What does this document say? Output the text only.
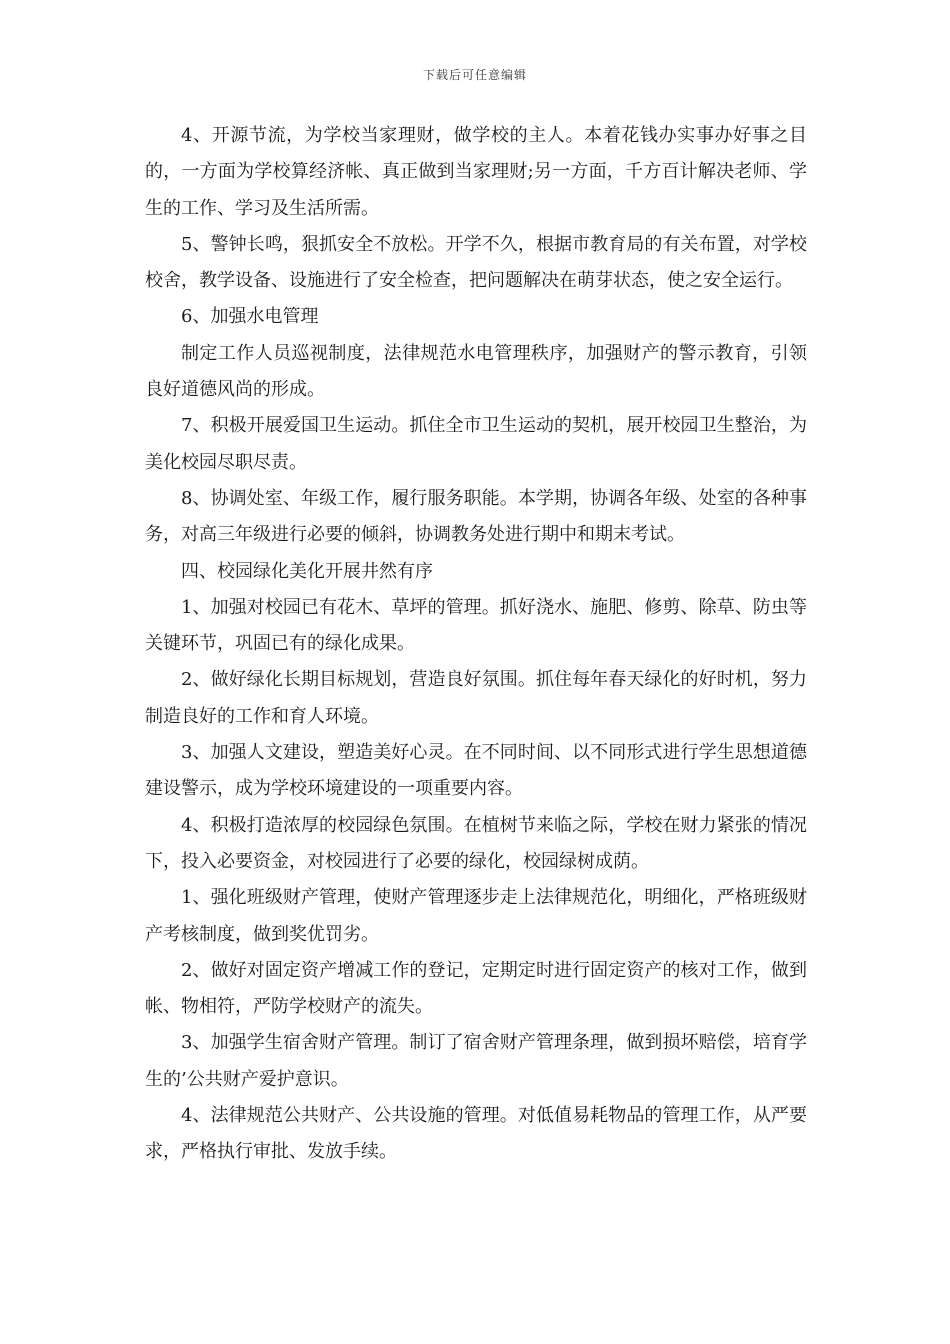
下载后可任意编辑

4、开源节流，为学校当家理财，做学校的主人。本着花钱办实事办好事之目的，一方面为学校算经济帐、真正做到当家理财;另一方面，千方百计解决老师、学生的工作、学习及生活所需。

5、警钟长鸣，狠抓安全不放松。开学不久，根据市教育局的有关布置，对学校校舍，教学设备、设施进行了安全检查，把问题解决在萌芽状态，使之安全运行。

6、加强水电管理

制定工作人员巡视制度，法律规范水电管理秩序，加强财产的警示教育，引领良好道德风尚的形成。

7、积极开展爱国卫生运动。抓住全市卫生运动的契机，展开校园卫生整治，为美化校园尽职尽责。

8、协调处室、年级工作，履行服务职能。本学期，协调各年级、处室的各种事务，对高三年级进行必要的倾斜，协调教务处进行期中和期末考试。

四、校园绿化美化开展井然有序

1、加强对校园已有花木、草坪的管理。抓好浇水、施肥、修剪、除草、防虫等关键环节，巩固已有的绿化成果。

2、做好绿化长期目标规划，营造良好氛围。抓住每年春天绿化的好时机，努力制造良好的工作和育人环境。

3、加强人文建设，塑造美好心灵。在不同时间、以不同形式进行学生思想道德建设警示，成为学校环境建设的一项重要内容。

4、积极打造浓厚的校园绿色氛围。在植树节来临之际，学校在财力紧张的情况下，投入必要资金，对校园进行了必要的绿化，校园绿树成荫。

1、强化班级财产管理，使财产管理逐步走上法律规范化，明细化，严格班级财产考核制度，做到奖优罚劣。

2、做好对固定资产增减工作的登记，定期定时进行固定资产的核对工作，做到帐、物相符，严防学校财产的流失。

3、加强学生宿舍财产管理。制订了宿舍财产管理条理，做到损坏赔偿，培育学生的’公共财产爱护意识。

4、法律规范公共财产、公共设施的管理。对低值易耗物品的管理工作，从严要求，严格执行审批、发放手续。
